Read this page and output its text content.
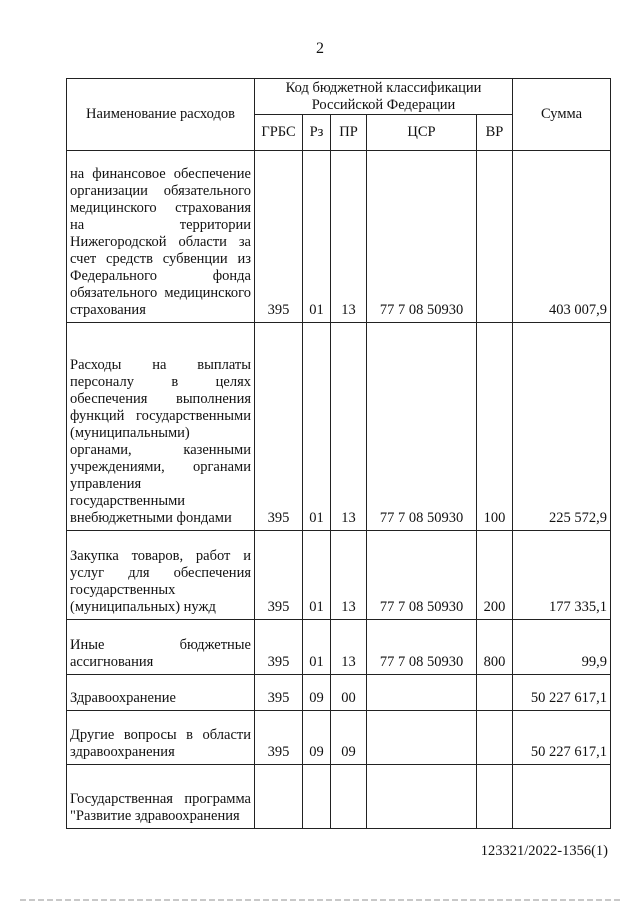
2
Наименование расходов	Код бюджетной классификации Российской Федерации					Сумма
	ГРБС	Рз	ПР	ЦСР	ВР	
на финансовое обеспечение организации обязательного медицинского страхования на территории Нижегородской области за счет средств субвенции из Федерального фонда обязательного медицинского страхования	395	01	13	77 7 08 50930		403 007,9
Расходы на выплаты персоналу в целях обеспечения выполнения функций государственными (муниципальными) органами, казенными учреждениями, органами управления государственными внебюджетными фондами	395	01	13	77 7 08 50930	100	225 572,9
Закупка товаров, работ и услуг для обеспечения государственных (муниципальных) нужд	395	01	13	77 7 08 50930	200	177 335,1
Иные бюджетные ассигнования	395	01	13	77 7 08 50930	800	99,9
Здравоохранение	395	09	00			50 227 617,1
Другие вопросы в области здравоохранения	395	09	09			50 227 617,1
Государственная программа "Развитие здравоохранения						
123321/2022-1356(1)
